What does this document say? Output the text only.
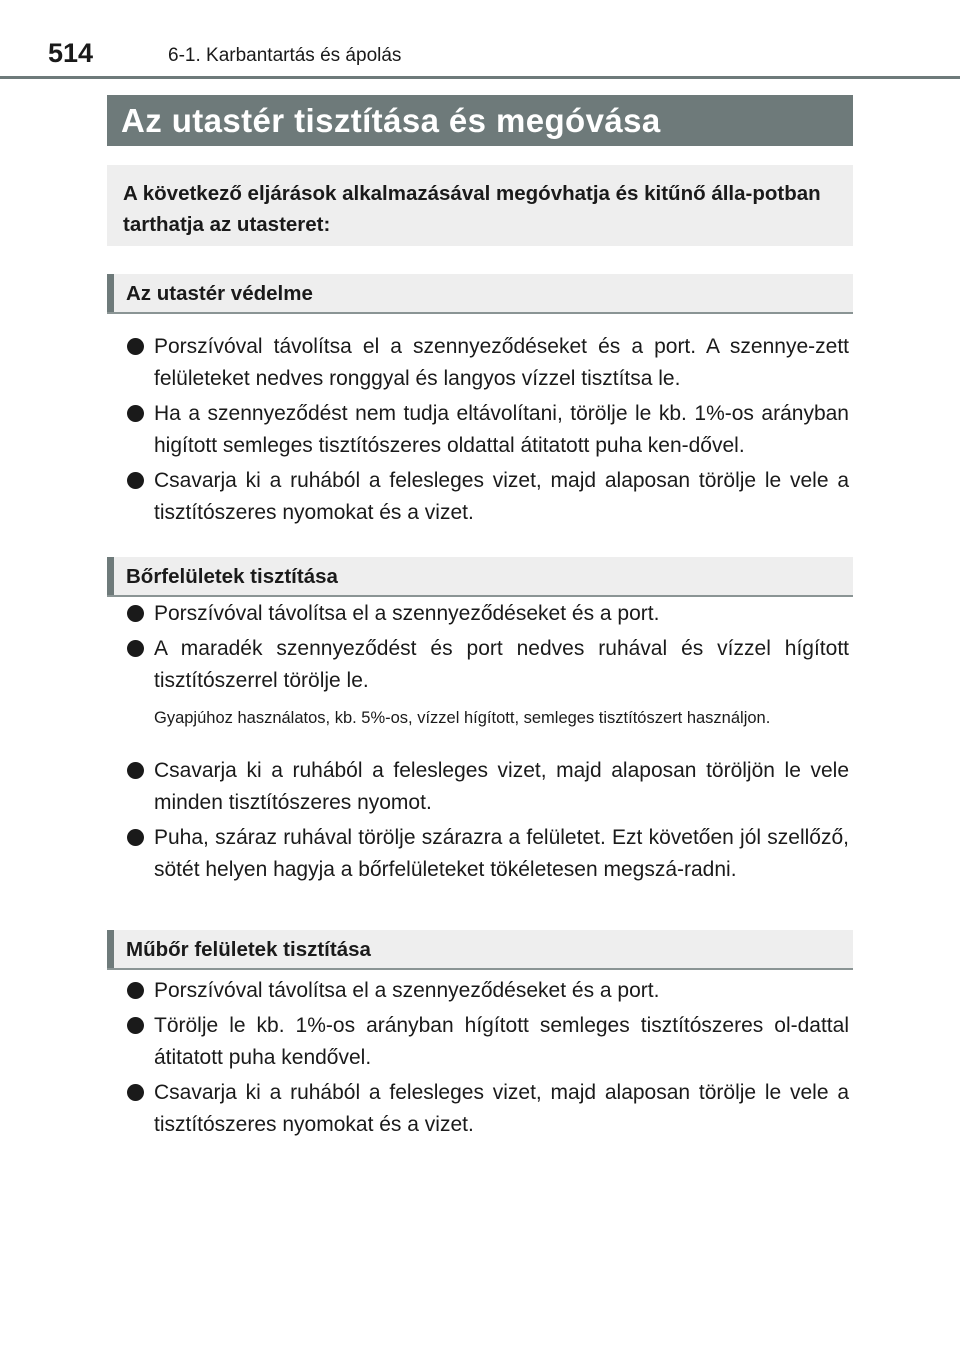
514	6-1. Karbantartás és ápolás
Az utastér tisztítása és megóvása
A következő eljárások alkalmazásával megóvhatja és kitűnő álla-potban tarthatja az utasteret:
Az utastér védelme
Porszívóval távolítsa el a szennyeződéseket és a port. A szennye-zett felületeket nedves ronggyal és langyos vízzel tisztítsa le.
Ha a szennyeződést nem tudja eltávolítani, törölje le kb. 1%-os arányban higított semleges tisztítószeres oldattal átitatott puha ken-dővel.
Csavarja ki a ruhából a felesleges vizet, majd alaposan törölje le vele a tisztítószeres nyomokat és a vizet.
Bőrfelületek tisztítása
Porszívóval távolítsa el a szennyeződéseket és a port.
A maradék szennyeződést és port nedves ruhával és vízzel hígított tisztítószerrel törölje le.
Gyapjúhoz használatos, kb. 5%-os, vízzel hígított, semleges tisztítószert használjon.
Csavarja ki a ruhából a felesleges vizet, majd alaposan töröljön le vele minden tisztítószeres nyomot.
Puha, száraz ruhával törölje szárazra a felületet. Ezt követően jól szellőző, sötét helyen hagyja a bőrfelületeket tökéletesen megszá-radni.
Műbőr felületek tisztítása
Porszívóval távolítsa el a szennyeződéseket és a port.
Törölje le kb. 1%-os arányban hígított semleges tisztítószeres ol-dattal átitatott puha kendővel.
Csavarja ki a ruhából a felesleges vizet, majd alaposan törölje le vele a tisztítószeres nyomokat és a vizet.
